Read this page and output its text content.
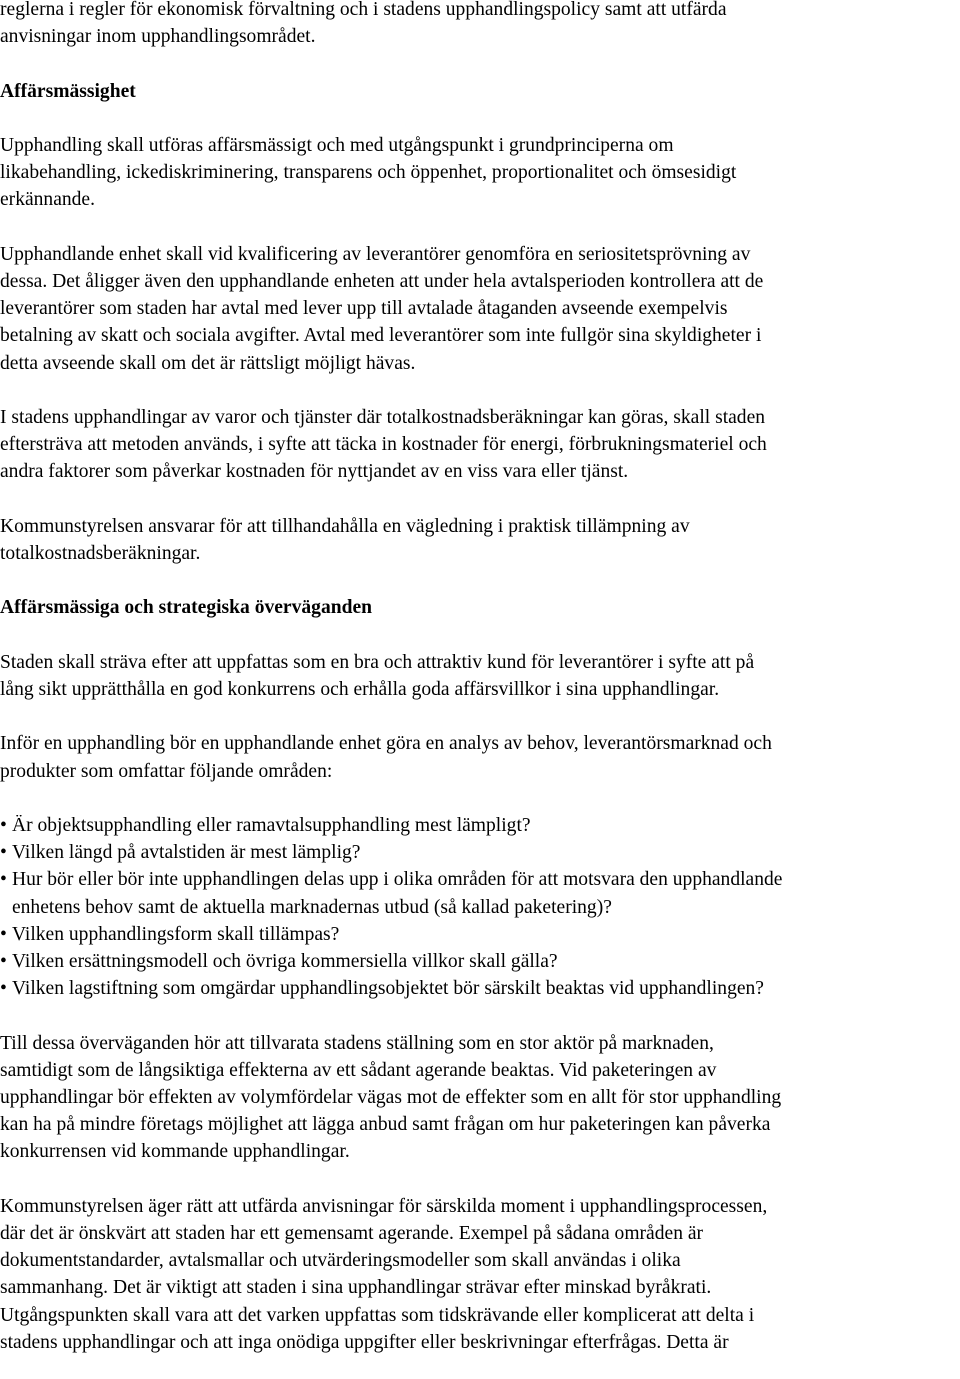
reglerna i regler för ekonomisk förvaltning och i stadens upphandlingspolicy samt att utfärda
anvisningar inom upphandlingsområdet.
Affärsmässighet
Upphandling skall utföras affärsmässigt och med utgångspunkt i grundprinciperna om
likabehandling, ickediskriminering, transparens och öppenhet, proportionalitet och ömsesidigt
erkännande.
Upphandlande enhet skall vid kvalificering av leverantörer genomföra en seriositetsprövning av
dessa. Det åligger även den upphandlande enheten att under hela avtalsperioden kontrollera att de
leverantörer som staden har avtal med lever upp till avtalade åtaganden avseende exempelvis
betalning av skatt och sociala avgifter. Avtal med leverantörer som inte fullgör sina skyldigheter i
detta avseende skall om det är rättsligt möjligt hävas.
I stadens upphandlingar av varor och tjänster där totalkostnadsberäkningar kan göras, skall staden
eftersträva att metoden används, i syfte att täcka in kostnader för energi, förbrukningsmateriel och
andra faktorer som påverkar kostnaden för nyttjandet av en viss vara eller tjänst.
Kommunstyrelsen ansvarar för att tillhandahålla en vägledning i praktisk tillämpning av
totalkostnadsberäkningar.
Affärsmässiga och strategiska överväganden
Staden skall sträva efter att uppfattas som en bra och attraktiv kund för leverantörer i syfte att på
lång sikt upprätthålla en god konkurrens och erhålla goda affärsvillkor i sina upphandlingar.
Inför en upphandling bör en upphandlande enhet göra en analys av behov, leverantörsmarknad och
produkter som omfattar följande områden:
• Är objektsupphandling eller ramavtalsupphandling mest lämpligt?
• Vilken längd på avtalstiden är mest lämplig?
• Hur bör eller bör inte upphandlingen delas upp i olika områden för att motsvara den upphandlande
enhetens behov samt de aktuella marknadernas utbud (så kallad paketering)?
• Vilken upphandlingsform skall tillämpas?
• Vilken ersättningsmodell och övriga kommersiella villkor skall gälla?
• Vilken lagstiftning som omgärdar upphandlingsobjektet bör särskilt beaktas vid upphandlingen?
Till dessa överväganden hör att tillvarata stadens ställning som en stor aktör på marknaden,
samtidigt som de långsiktiga effekterna av ett sådant agerande beaktas. Vid paketeringen av
upphandlingar bör effekten av volymfördelar vägas mot de effekter som en allt för stor upphandling
kan ha på mindre företags möjlighet att lägga anbud samt frågan om hur paketeringen kan påverka
konkurrensen vid kommande upphandlingar.
Kommunstyrelsen äger rätt att utfärda anvisningar för särskilda moment i upphandlingsprocessen,
där det är önskvärt att staden har ett gemensamt agerande. Exempel på sådana områden är
dokumentstandarder, avtalsmallar och utvärderingsmodeller som skall användas i olika
sammanhang. Det är viktigt att staden i sina upphandlingar strävar efter minskad byråkrati.
Utgångspunkten skall vara att det varken uppfattas som tidskrävande eller komplicerat att delta i
stadens upphandlingar och att inga onödiga uppgifter eller beskrivningar efterfrågas. Detta är
